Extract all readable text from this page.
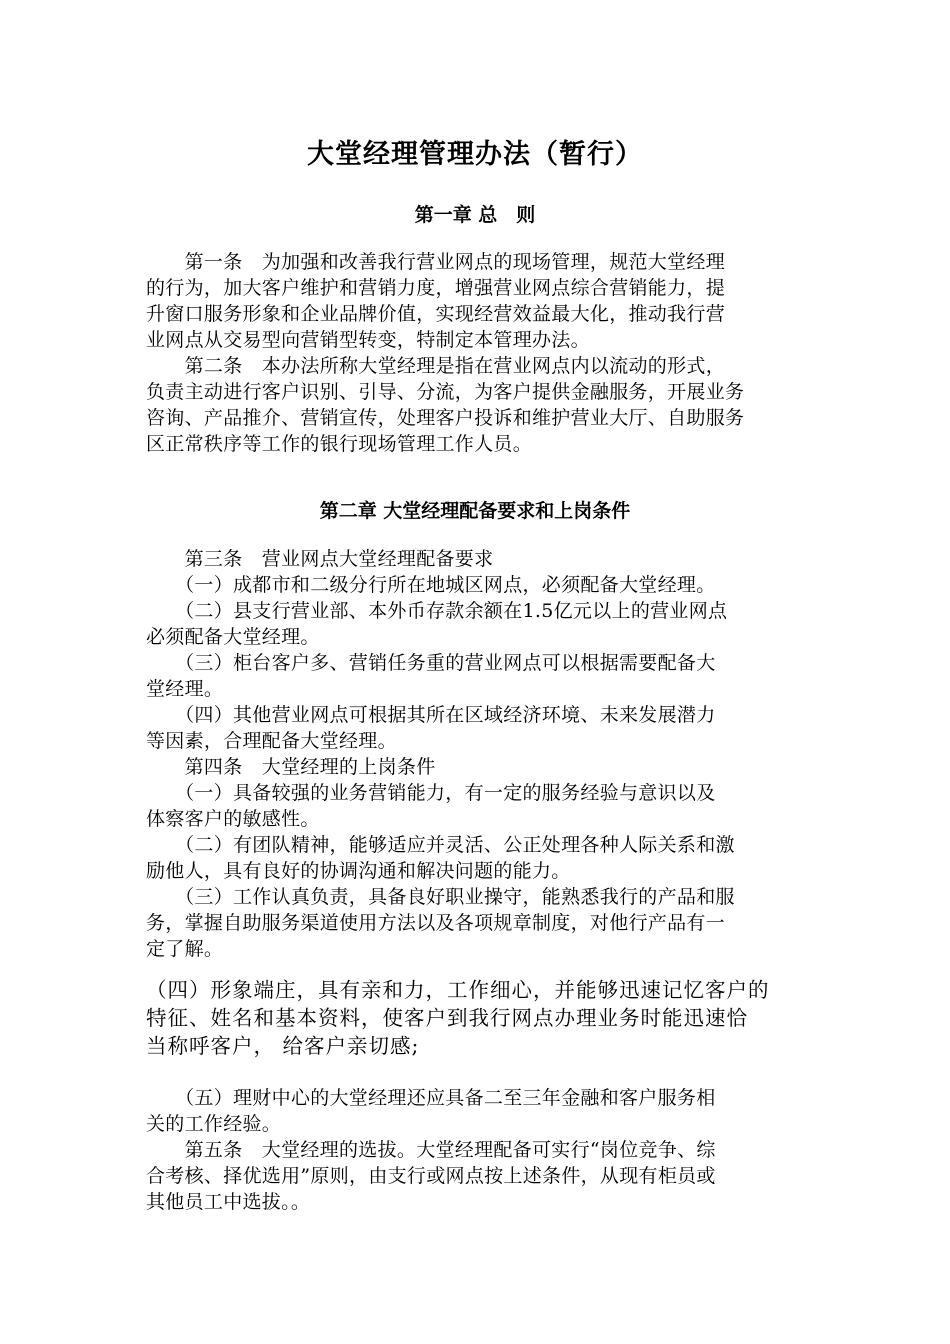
大堂经理管理办法（暂行）
第一章 总　则
第二章 大堂经理配备要求和上岗条件
　　第一条　为加强和改善我行营业网点的现场管理，规范大堂经理
的行为，加大客户维护和营销力度，增强营业网点综合营销能力，提
升窗口服务形象和企业品牌价值，实现经营效益最大化，推动我行营
业网点从交易型向营销型转变，特制定本管理办法。
　　第二条　本办法所称大堂经理是指在营业网点内以流动的形式，
负责主动进行客户识别、引导、分流，为客户提供金融服务，开展业务
咨询、产品推介、营销宣传，处理客户投诉和维护营业大厅、自助服务
区正常秩序等工作的银行现场管理工作人员。
　　第三条　营业网点大堂经理配备要求
　　（一）成都市和二级分行所在地城区网点，必须配备大堂经理。
　　（二）县支行营业部、本外币存款余额在1.5亿元以上的营业网点
必须配备大堂经理。
　　（三）柜台客户多、营销任务重的营业网点可以根据需要配备大
堂经理。
　　（四）其他营业网点可根据其所在区域经济环境、未来发展潜力
等因素，合理配备大堂经理。
　　第四条　大堂经理的上岗条件
　　（一）具备较强的业务营销能力，有一定的服务经验与意识以及
体察客户的敏感性。
　　（二）有团队精神，能够适应并灵活、公正处理各种人际关系和激
励他人，具有良好的协调沟通和解决问题的能力。
　　（三）工作认真负责，具备良好职业操守，能熟悉我行的产品和服
务，掌握自助服务渠道使用方法以及各项规章制度，对他行产品有一
定了解。
（四）形象端庄，具有亲和力，工作细心，并能够迅速记忆客户的
特征、姓名和基本资料，使客户到我行网点办理业务时能迅速恰
当称呼客户， 给客户亲切感;
　　（五）理财中心的大堂经理还应具备二至三年金融和客户服务相
关的工作经验。
　　第五条　大堂经理的选拔。大堂经理配备可实行“岗位竞争、综
合考核、择优选用”原则，由支行或网点按上述条件，从现有柜员或
其他员工中选拔。。
